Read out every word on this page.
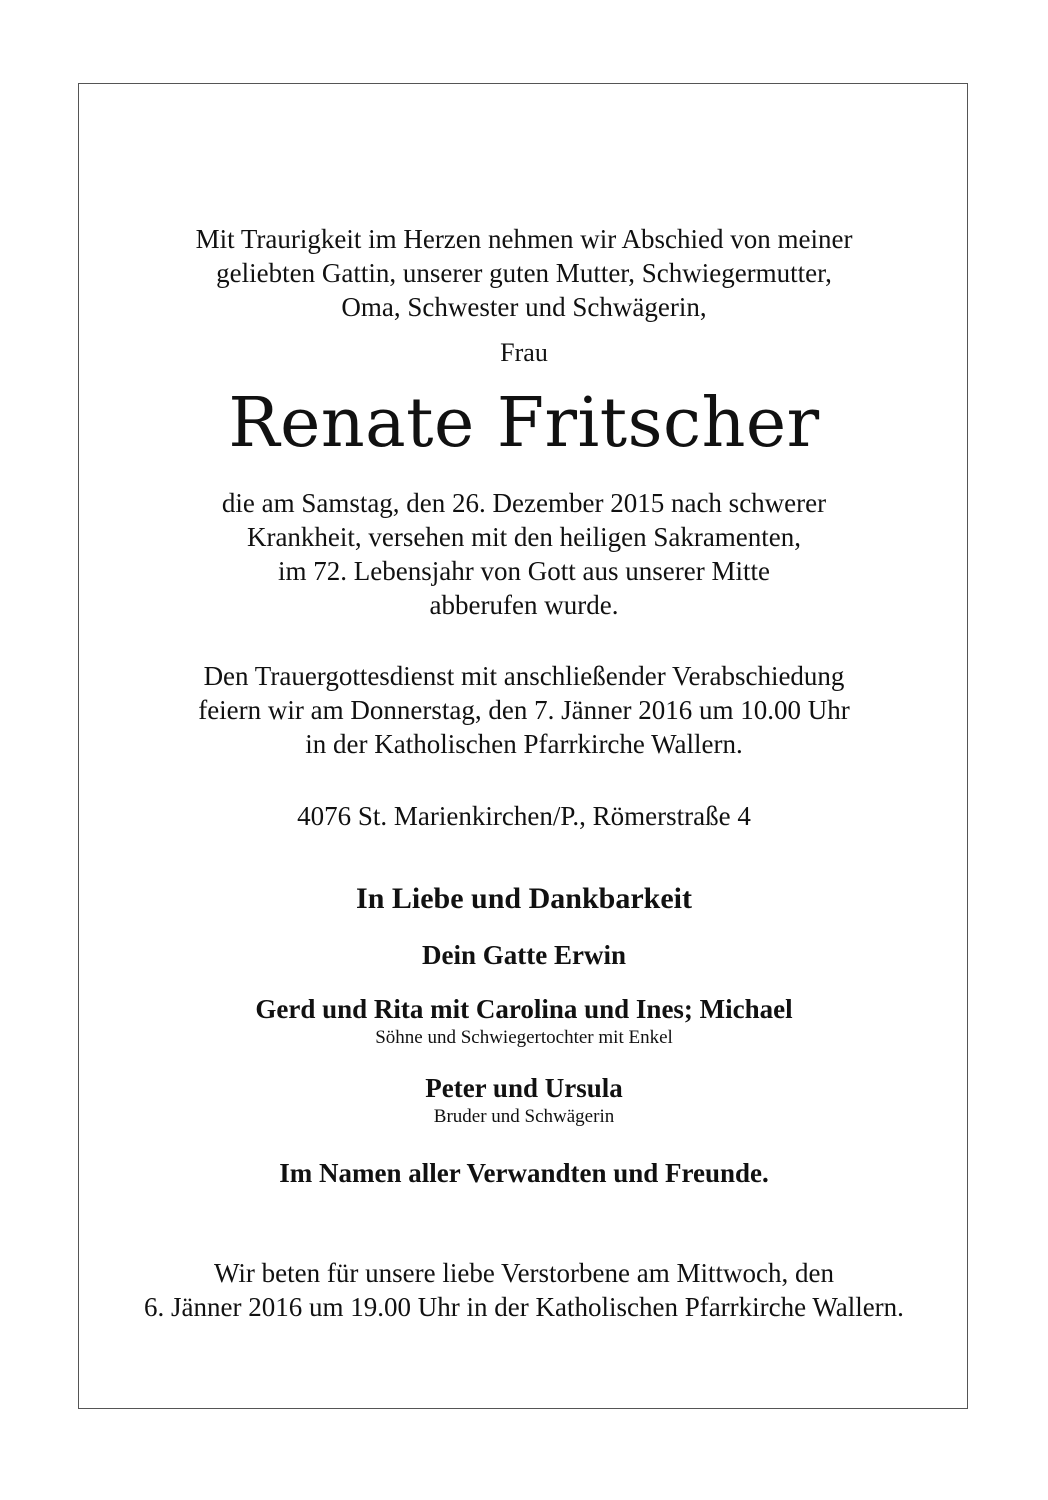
Mit Traurigkeit im Herzen nehmen wir Abschied von meiner
geliebten Gattin, unserer guten Mutter, Schwiegermutter,
Oma, Schwester und Schwägerin,
Frau
Renate Fritscher
die am Samstag, den 26. Dezember 2015 nach schwerer
Krankheit, versehen mit den heiligen Sakramenten,
im 72. Lebensjahr von Gott aus unserer Mitte
abberufen wurde.
Den Trauergottesdienst mit anschließender Verabschiedung
feiern wir am Donnerstag, den 7. Jänner 2016 um 10.00 Uhr
in der Katholischen Pfarrkirche Wallern.
4076 St. Marienkirchen/P., Römerstraße 4
In Liebe und Dankbarkeit
Dein Gatte Erwin
Gerd und Rita mit Carolina und Ines; Michael
Söhne und Schwiegertochter mit Enkel
Peter und Ursula
Bruder und Schwägerin
Im Namen aller Verwandten und Freunde.
Wir beten für unsere liebe Verstorbene am Mittwoch, den
6. Jänner 2016 um 19.00 Uhr in der Katholischen Pfarrkirche Wallern.
